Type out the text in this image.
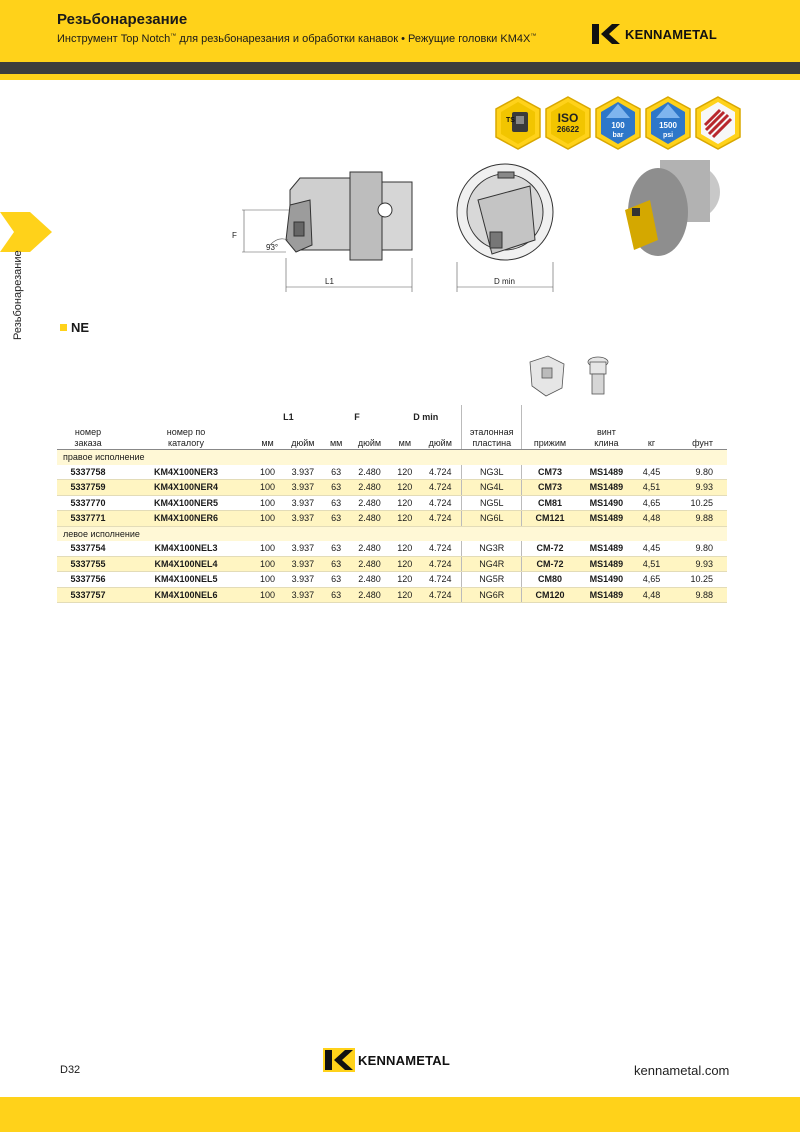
Резьбонарезание
Инструмент Top Notch™ для резьбонарезания и обработки канавок • Режущие головки KM4X™	KENNAMETAL
Резьбонарезание
TS	ISO
26622	100
bar
1500
psi
F
93°
L1	D min
NE
		L1		F		D min						
номер
заказа	номер по
каталогу	мм	дюйм	мм	дюйм	мм	дюйм	эталонная
пластина	прижим	винт
клина	кг	фунт
правое исполнение												
5337758	KM4X100NER3	100	3.937	63	2.480	120	4.724	NG3L	CM73	MS1489	4,45	9.80
5337759	KM4X100NER4	100	3.937	63	2.480	120	4.724	NG4L	CM73	MS1489	4,51	9.93
5337770	KM4X100NER5	100	3.937	63	2.480	120	4.724	NG5L	CM81	MS1490	4,65	10.25
5337771	KM4X100NER6	100	3.937	63	2.480	120	4.724	NG6L	CM121	MS1489	4,48	9.88
левое исполнение												
5337754	KM4X100NEL3	100	3.937	63	2.480	120	4.724	NG3R	CM-72	MS1489	4,45	9.80
5337755	KM4X100NEL4	100	3.937	63	2.480	120	4.724	NG4R	CM-72	MS1489	4,51	9.93
5337756	KM4X100NEL5	100	3.937	63	2.480	120	4.724	NG5R	CM80	MS1490	4,65	10.25
5337757	KM4X100NEL6	100	3.937	63	2.480	120	4.724	NG6R	CM120	MS1489	4,48	9.88
D32
KENNAMETAL
kennametal.com
